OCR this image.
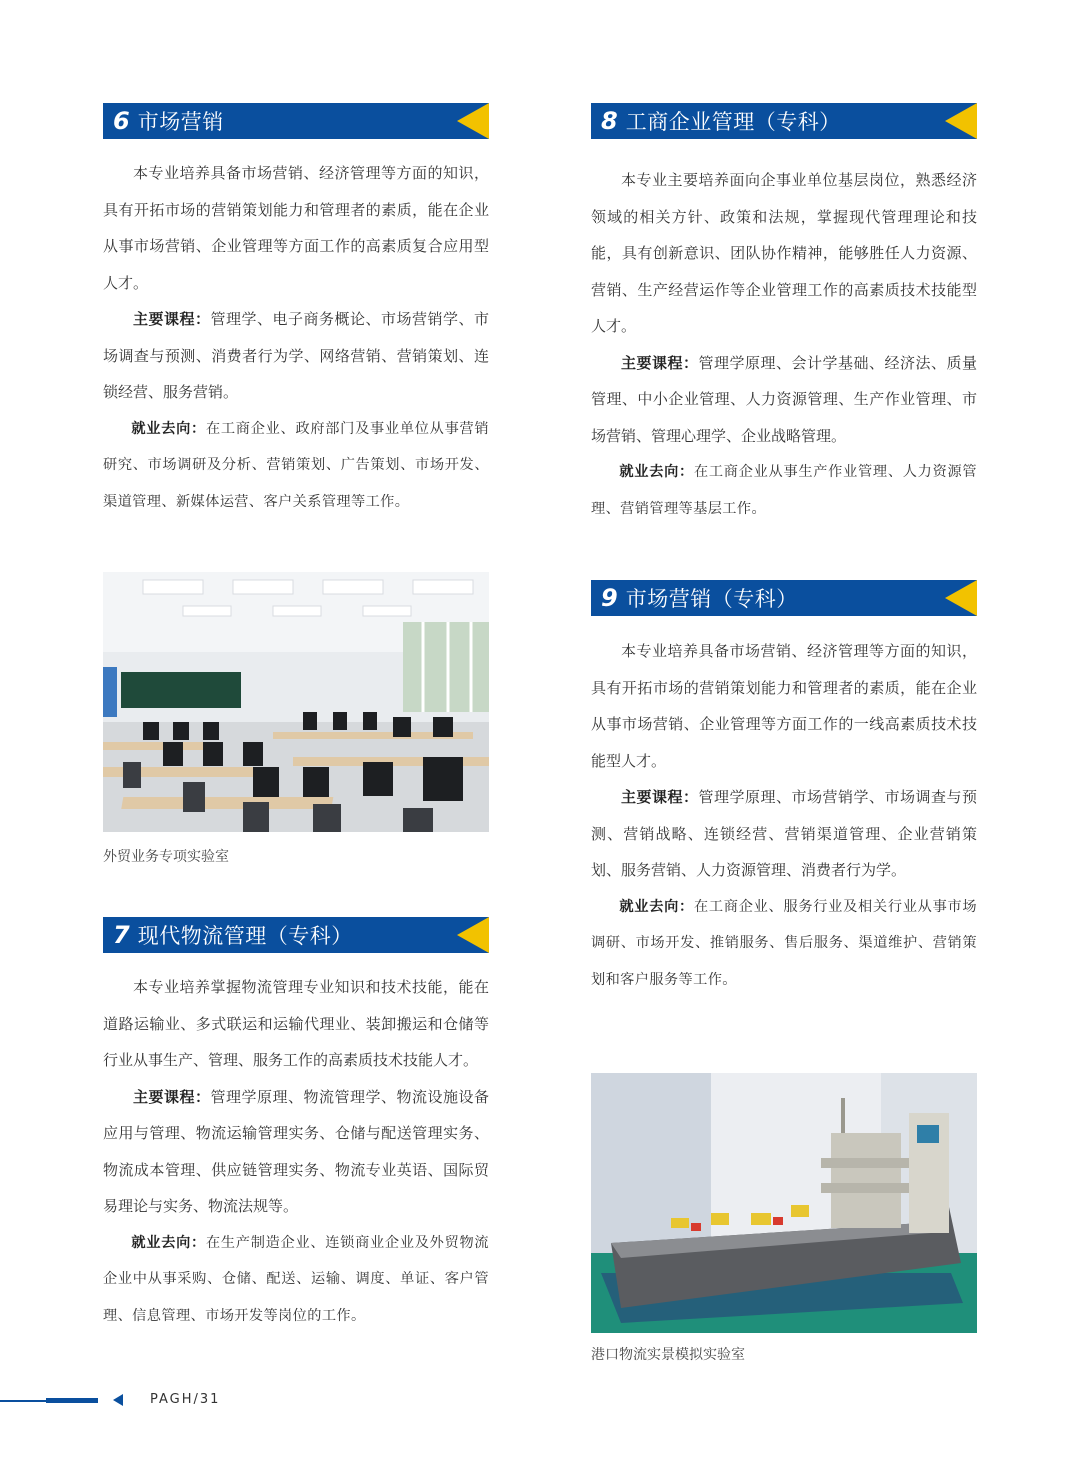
6 市场营销

本专业培养具备市场营销、经济管理等方面的知识，具有开拓市场的营销策划能力和管理者的素质，能在企业从事市场营销、企业管理等方面工作的高素质复合应用型人才。

主要课程：管理学、电子商务概论、市场营销学、市场调查与预测、消费者行为学、网络营销、营销策划、连锁经营、服务营销。

就业去向：在工商企业、政府部门及事业单位从事营销研究、市场调研及分析、营销策划、广告策划、市场开发、渠道管理、新媒体运营、客户关系管理等工作。

外贸业务专项实验室
7 现代物流管理（专科）

本专业培养掌握物流管理专业知识和技术技能，能在道路运输业、多式联运和运输代理业、装卸搬运和仓储等行业从事生产、管理、服务工作的高素质技术技能人才。

主要课程：管理学原理、物流管理学、物流设施设备应用与管理、物流运输管理实务、仓储与配送管理实务、物流成本管理、供应链管理实务、物流专业英语、国际贸易理论与实务、物流法规等。

就业去向：在生产制造企业、连锁商业企业及外贸物流企业中从事采购、仓储、配送、运输、调度、单证、客户管理、信息管理、市场开发等岗位的工作。

8 工商企业管理（专科）

本专业主要培养面向企事业单位基层岗位，熟悉经济领域的相关方针、政策和法规，掌握现代管理理论和技能，具有创新意识、团队协作精神，能够胜任人力资源、营销、生产经营运作等企业管理工作的高素质技术技能型人才。

主要课程：管理学原理、会计学基础、经济法、质量管理、中小企业管理、人力资源管理、生产作业管理、市场营销、管理心理学、企业战略管理。

就业去向：在工商企业从事生产作业管理、人力资源管理、营销管理等基层工作。

9 市场营销（专科）

本专业培养具备市场营销、经济管理等方面的知识，具有开拓市场的营销策划能力和管理者的素质，能在企业从事市场营销、企业管理等方面工作的一线高素质技术技能型人才。

主要课程：管理学原理、市场营销学、市场调查与预测、营销战略、连锁经营、营销渠道管理、企业营销策划、服务营销、人力资源管理、消费者行为学。

就业去向：在工商企业、服务行业及相关行业从事市场调研、市场开发、推销服务、售后服务、渠道维护、营销策划和客户服务等工作。

港口物流实景模拟实验室
PAGH/31
